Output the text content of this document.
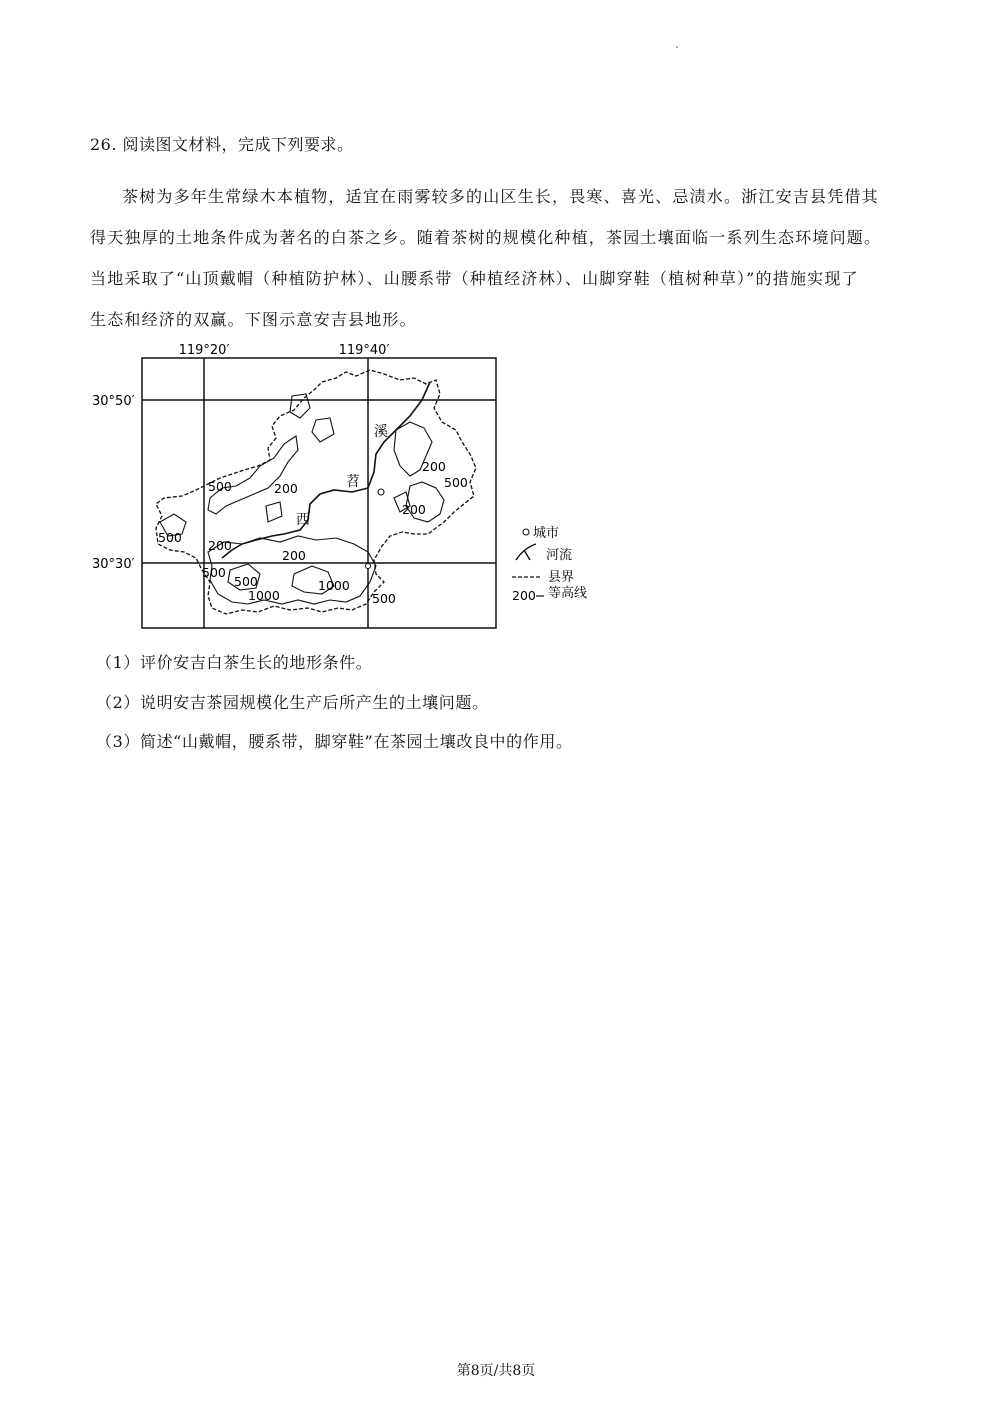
26. 阅读图文材料，完成下列要求。
茶树为多年生常绿木本植物，适宜在雨雾较多的山区生长，畏寒、喜光、忌渍水。浙江安吉县凭借其
得天独厚的土地条件成为著名的白茶之乡。随着茶树的规模化种植，茶园土壤面临一系列生态环境问题。
当地采取了“山顶戴帽（种植防护林）、山腰系带（种植经济林）、山脚穿鞋（植树种草）”的措施实现了
生态和经济的双赢。下图示意安吉县地形。
119°20′	119°40′
30°50′
30°30′
溪
苕
西
500	200
200
500
200
500
200
200
500
500	1000
1000	500
城市
河流
县界
200 等高线
（1）评价安吉白茶生长的地形条件。
（2）说明安吉茶园规模化生产后所产生的土壤问题。
（3）简述“山戴帽，腰系带，脚穿鞋”在茶园土壤改良中的作用。
第8页/共8页
